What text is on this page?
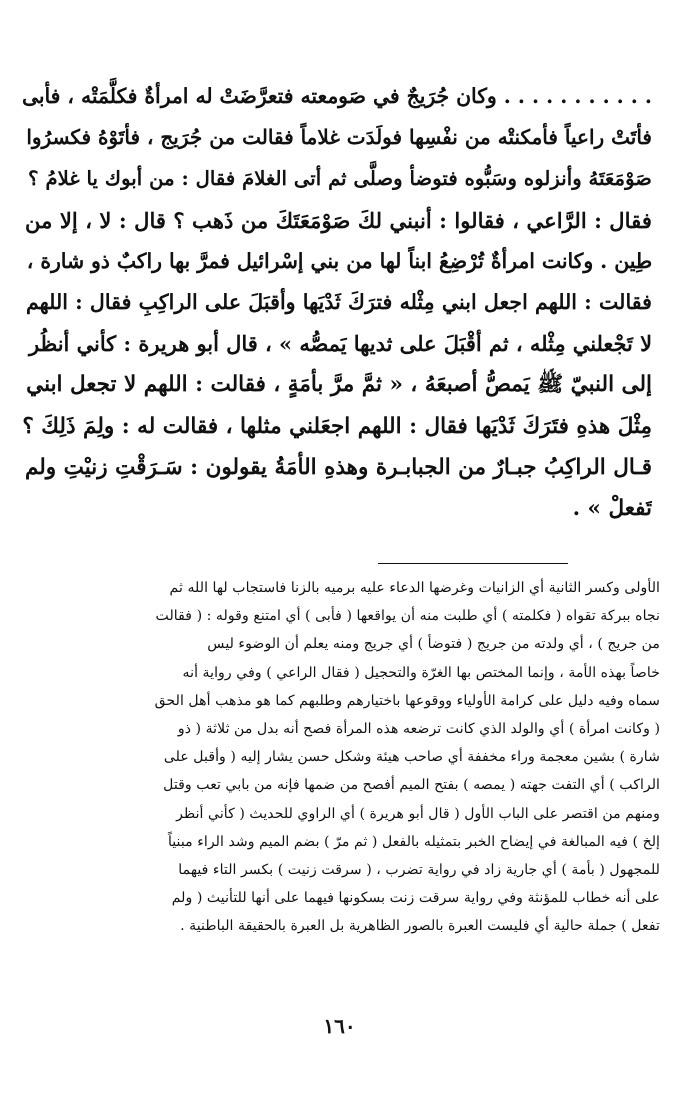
. . . . . . . . . . . وكان جُرَيجٌ في صَومعته فتعرَّضَتْ له امرأةٌ فكلَّمَتْه ، فأبى
فأتَتْ راعياً فأمكنتْه من نفْسِها فولَدَت غلاماً فقالت من جُرَيج ، فأتَوْهُ فكسرُوا
صَوْمَعَتَهُ وأنزلوه وسَبُّوه فتوضأ وصلَّى ثم أتى الغلامَ فقال : من أبوك يا غلامُ ؟
فقال : الرَّاعي ، فقالوا : أنبني لكَ صَوْمَعَتَكَ من ذَهب ؟ قال : لا ، إلا من
طِين . وكانت امرأةٌ تُرْضِعُ ابناً لها من بني إسْرائيل فمرَّ بها راكبٌ ذو شارة ،
فقالت : اللهم اجعل ابني مِثْله فترَكَ ثَدْيَها وأقبَلَ على الراكِبِ فقال : اللهم
لا تَجْعلني مِثْله ، ثم أقْبَلَ على ثديها يَمصُّه » ، قال أبو هريرة : كأني أنظُر
إلى النبيّ ﷺ يَمصُّ أصبعَهُ ، « ثمَّ مرَّ بأمَةٍ ، فقالت : اللهم لا تجعل ابني
مِثْلَ هذهِ فتَرَكَ ثَدْيَها فقال : اللهم اجعَلني مثلها ، فقالت له : ولِمَ ذَلِكَ ؟
قـال الراكِبُ جبـارٌ من الجبابـرة وهذهِ الأمَةُ يقولون : سَـرَقْتِ زنيْتِ ولم
تَفعلْ » .
الأولى وكسر الثانية أي الزانيات وغرضها الدعاء عليه برميه بالزنا فاستجاب لها الله ثم
نجاه ببركة تقواه ( فكلمته ) أي طلبت منه أن يواقعها ( فأبى ) أي امتنع وقوله : ( فقالت
من جريج ) ، أي ولدته من جريج ( فتوضأ ) أي جريج ومنه يعلم أن الوضوء ليس
خاصاً بهذه الأمة ، وإنما المختص بها الغرّة والتحجيل ( فقال الراعي ) وفي رواية أنه
سماه وفيه دليل على كرامة الأولياء ووقوعها باختيارهم وطلبهم كما هو مذهب أهل الحق
( وكانت امرأة ) أي والولد الذي كانت ترضعه هذه المرأة فصح أنه بدل من ثلاثة ( ذو
شارة ) بشين معجمة وراء مخففة أي صاحب هيئة وشكل حسن يشار إليه ( وأقبل على
الراكب ) أي التفت جهته ( يمصه ) بفتح الميم أفصح من ضمها فإنه من بابي تعب وقتل
ومنهم من اقتصر على الباب الأول ( قال أبو هريرة ) أي الراوي للحديث ( كأني أنظر
إلخ ) فيه المبالغة في إيضاح الخبر بتمثيله بالفعل ( ثم مرّ ) بضم الميم وشد الراء مبنياً
للمجهول ( بأمة ) أي جارية زاد في رواية تضرب ، ( سرقت زنيت ) بكسر التاء فيهما
على أنه خطاب للمؤنثة وفي رواية سرقت زنت بسكونها فيهما على أنها للتأنيث ( ولم
تفعل ) جملة حالية أي فليست العبرة بالصور الظاهرية بل العبرة بالحقيقة الباطنية .
١٦٠
